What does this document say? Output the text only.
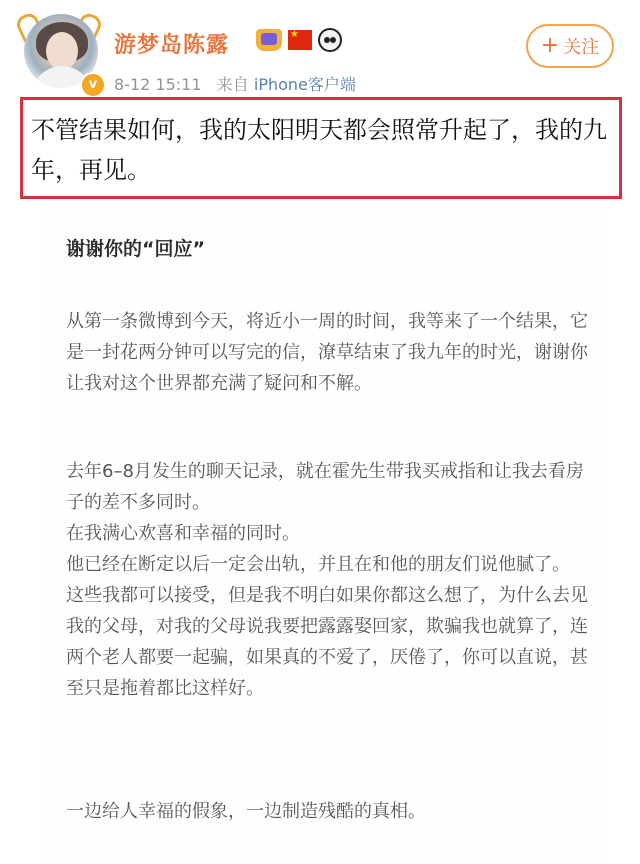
v
游梦岛陈露
★
8-12 15:11 来自 iPhone客户端
+ 关注
不管结果如何，我的太阳明天都会照常升起了，我的九年，再见。
谢谢你的“回应”
从第一条微博到今天，将近小一周的时间，我等来了一个结果，它是一封花两分钟可以写完的信，潦草结束了我九年的时光，谢谢你让我对这个世界都充满了疑问和不解。
去年6–8月发生的聊天记录，就在霍先生带我买戒指和让我去看房子的差不多同时。
在我满心欢喜和幸福的同时。
他已经在断定以后一定会出轨，并且在和他的朋友们说他腻了。
这些我都可以接受，但是我不明白如果你都这么想了，为什么去见我的父母，对我的父母说我要把露露娶回家，欺骗我也就算了，连两个老人都要一起骗，如果真的不爱了，厌倦了，你可以直说，甚至只是拖着都比这样好。
一边给人幸福的假象，一边制造残酷的真相。
